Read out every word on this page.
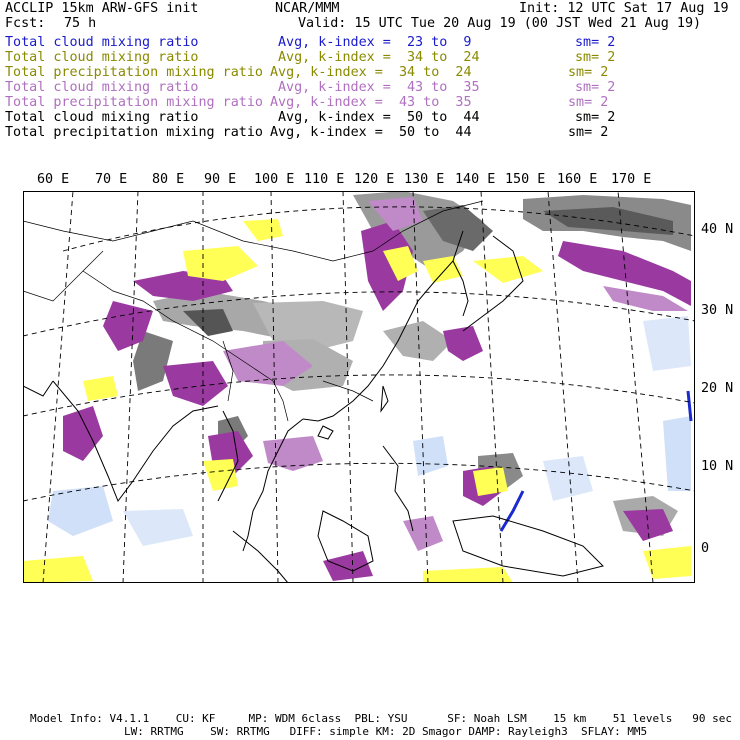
ACCLIP 15km ARW-GFS init	NCAR/MMM	Init: 12 UTC Sat 17 Aug 19
Fcst: 75 h	Valid: 15 UTC Tue 20 Aug 19 (00 JST Wed 21 Aug 19)
Total cloud mixing ratio	Avg, k-index =  23 to  9	sm= 2
Total cloud mixing ratio	Avg, k-index =  34 to  24	sm= 2
Total precipitation mixing ratio Avg, k-index =  34 to  24	sm= 2
Total cloud mixing ratio	Avg, k-index =  43 to  35	sm= 2
Total precipitation mixing ratio Avg, k-index =  43 to  35	sm= 2
Total cloud mixing ratio	Avg, k-index =  50 to  44	sm= 2
Total precipitation mixing ratio Avg, k-index =  50 to  44	sm= 2
60 E 70 E 80 E 90 E 100 E 110 E 120 E 130 E 140 E 150 E 160 E 170 E
40 N
30 N
20 N
10 N
0
Model Info: V4.1.1    CU: KF     MP: WDM 6class  PBL: YSU      SF: Noah LSM    15 km    51 levels   90 sec
LW: RRTMG    SW: RRTMG   DIFF: simple KM: 2D Smagor DAMP: Rayleigh3  SFLAY: MM5
